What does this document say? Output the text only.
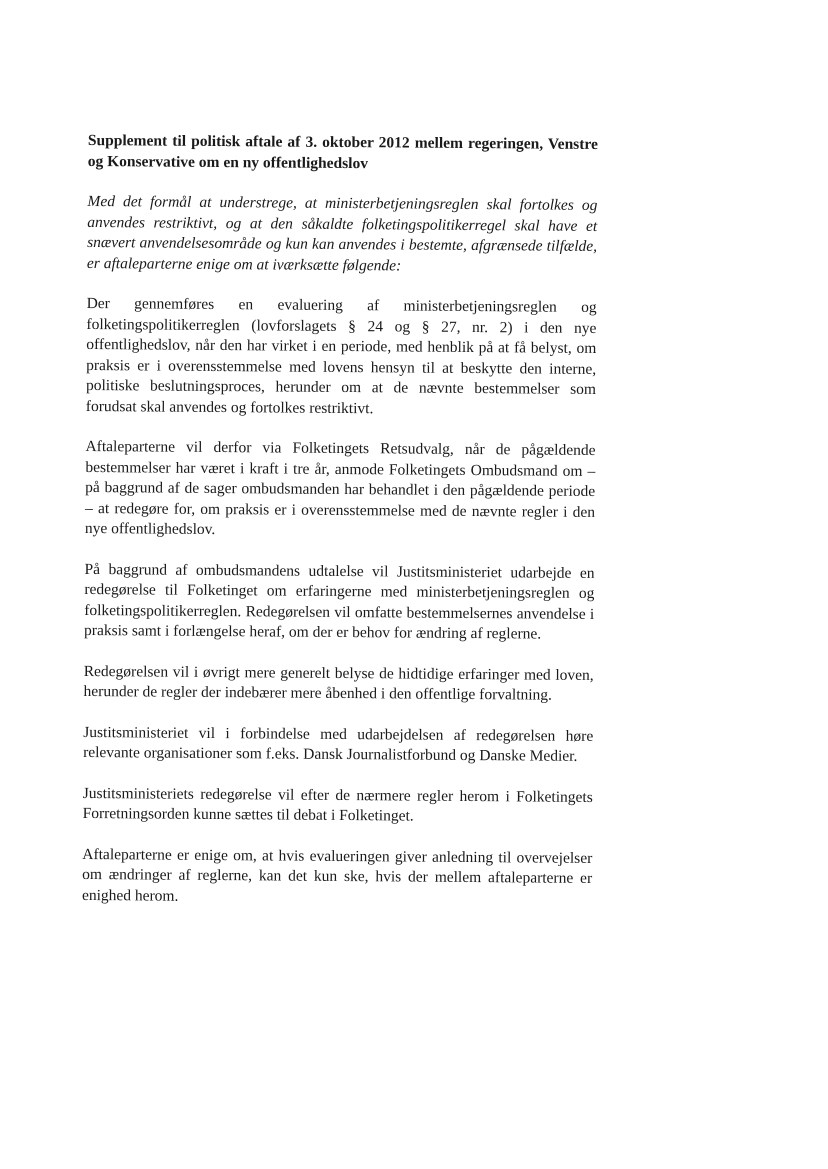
Supplement til politisk aftale af 3. oktober 2012 mellem regeringen, Venstre og Konservative om en ny offentlighedslov

Med det formål at understrege, at ministerbetjeningsreglen skal fortolkes og anvendes restriktivt, og at den såkaldte folketingspolitikerregel skal have et snævert anvendelsesområde og kun kan anvendes i bestemte, afgrænsede tilfælde, er aftaleparterne enige om at iværksætte følgende:

Der gennemføres en evaluering af ministerbetjeningsreglen og folketingspolitikerreglen (lovforslagets § 24 og § 27, nr. 2) i den nye offentlighedslov, når den har virket i en periode, med henblik på at få belyst, om praksis er i overensstemmelse med lovens hensyn til at beskytte den interne, politiske beslutningsproces, herunder om at de nævnte bestemmelser som forudsat skal anvendes og fortolkes restriktivt.

Aftaleparterne vil derfor via Folketingets Retsudvalg, når de pågældende bestemmelser har været i kraft i tre år, anmode Folketingets Ombudsmand om – på baggrund af de sager ombudsmanden har behandlet i den pågældende periode – at redegøre for, om praksis er i overensstemmelse med de nævnte regler i den nye offentlighedslov.

På baggrund af ombudsmandens udtalelse vil Justitsministeriet udarbejde en redegørelse til Folketinget om erfaringerne med ministerbetjeningsreglen og folketingspolitikerreglen. Redegørelsen vil omfatte bestemmelsernes anvendelse i praksis samt i forlængelse heraf, om der er behov for ændring af reglerne.

Redegørelsen vil i øvrigt mere generelt belyse de hidtidige erfaringer med loven, herunder de regler der indebærer mere åbenhed i den offentlige forvaltning.

Justitsministeriet vil i forbindelse med udarbejdelsen af redegørelsen høre relevante organisationer som f.eks. Dansk Journalistforbund og Danske Medier.

Justitsministeriets redegørelse vil efter de nærmere regler herom i Folketingets Forretningsorden kunne sættes til debat i Folketinget.

Aftaleparterne er enige om, at hvis evalueringen giver anledning til overvejelser om ændringer af reglerne, kan det kun ske, hvis der mellem aftaleparterne er enighed herom.
